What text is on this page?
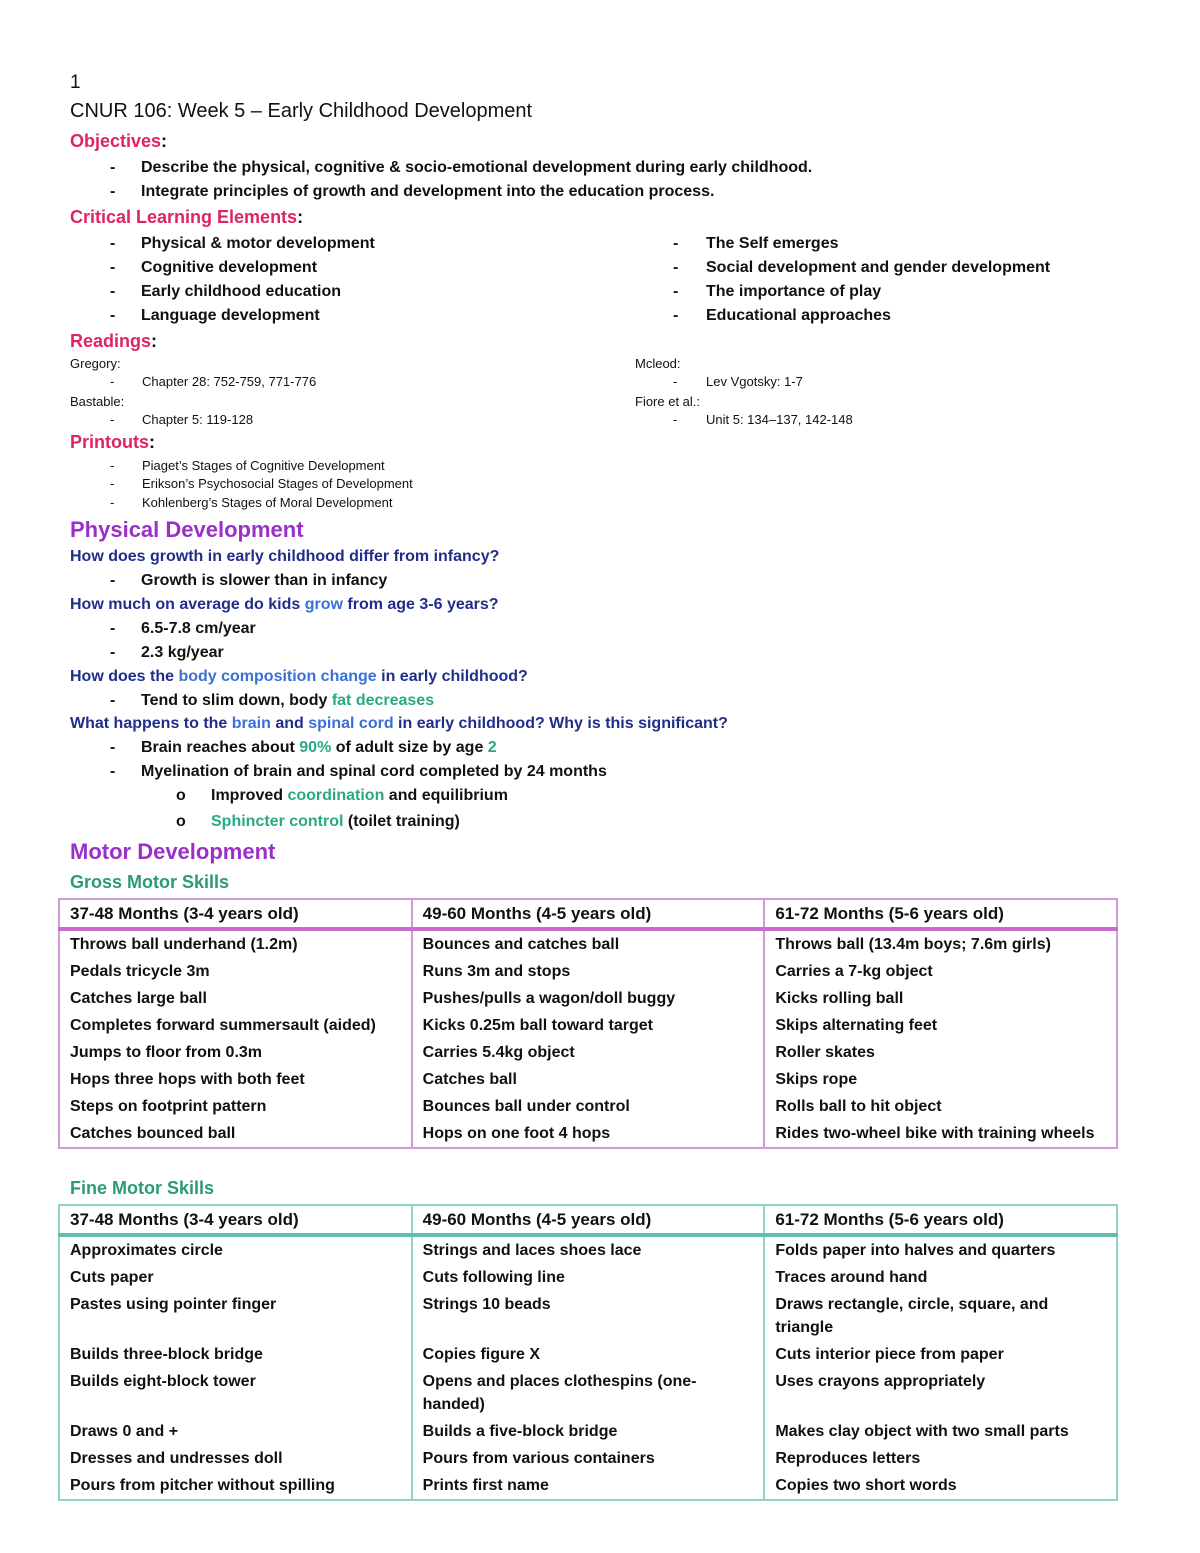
1
CNUR 106: Week 5 – Early Childhood Development
Objectives:
- Describe the physical, cognitive & socio-emotional development during early childhood.
- Integrate principles of growth and development into the education process.
Critical Learning Elements:
- Physical & motor development
- Cognitive development
- Early childhood education
- Language development
- The Self emerges
- Social development and gender development
- The importance of play
- Educational approaches
Readings:
Gregory:
- Chapter 28: 752-759, 771-776
Bastable:
- Chapter 5: 119-128
Mcleod:
- Lev Vgotsky: 1-7
Fiore et al.:
- Unit 5: 134–137, 142-148
Printouts:
- Piaget’s Stages of Cognitive Development
- Erikson’s Psychosocial Stages of Development
- Kohlenberg’s Stages of Moral Development
Physical Development
How does growth in early childhood differ from infancy?
- Growth is slower than in infancy
How much on average do kids grow from age 3-6 years?
- 6.5-7.8 cm/year
- 2.3 kg/year
How does the body composition change in early childhood?
- Tend to slim down, body fat decreases
What happens to the brain and spinal cord in early childhood? Why is this significant?
- Brain reaches about 90% of adult size by age 2
- Myelination of brain and spinal cord completed by 24 months
o Improved coordination and equilibrium
o Sphincter control (toilet training)
Motor Development
Gross Motor Skills
37-48 Months (3-4 years old)	49-60 Months (4-5 years old)	61-72 Months (5-6 years old)
Throws ball underhand (1.2m)	Bounces and catches ball	Throws ball (13.4m boys; 7.6m girls)
Pedals tricycle 3m	Runs 3m and stops	Carries a 7-kg object
Catches large ball	Pushes/pulls a wagon/doll buggy	Kicks rolling ball
Completes forward summersault (aided)	Kicks 0.25m ball toward target	Skips alternating feet
Jumps to floor from 0.3m	Carries 5.4kg object	Roller skates
Hops three hops with both feet	Catches ball	Skips rope
Steps on footprint pattern	Bounces ball under control	Rolls ball to hit object
Catches bounced ball	Hops on one foot 4 hops	Rides two-wheel bike with training wheels
Fine Motor Skills
37-48 Months (3-4 years old)	49-60 Months (4-5 years old)	61-72 Months (5-6 years old)
Approximates circle	Strings and laces shoes lace	Folds paper into halves and quarters
Cuts paper	Cuts following line	Traces around hand
Pastes using pointer finger	Strings 10 beads	Draws rectangle, circle, square, and triangle
Builds three-block bridge	Copies figure X	Cuts interior piece from paper
Builds eight-block tower	Opens and places clothespins (one-handed)	Uses crayons appropriately
Draws 0 and +	Builds a five-block bridge	Makes clay object with two small parts
Dresses and undresses doll	Pours from various containers	Reproduces letters
Pours from pitcher without spilling	Prints first name	Copies two short words
